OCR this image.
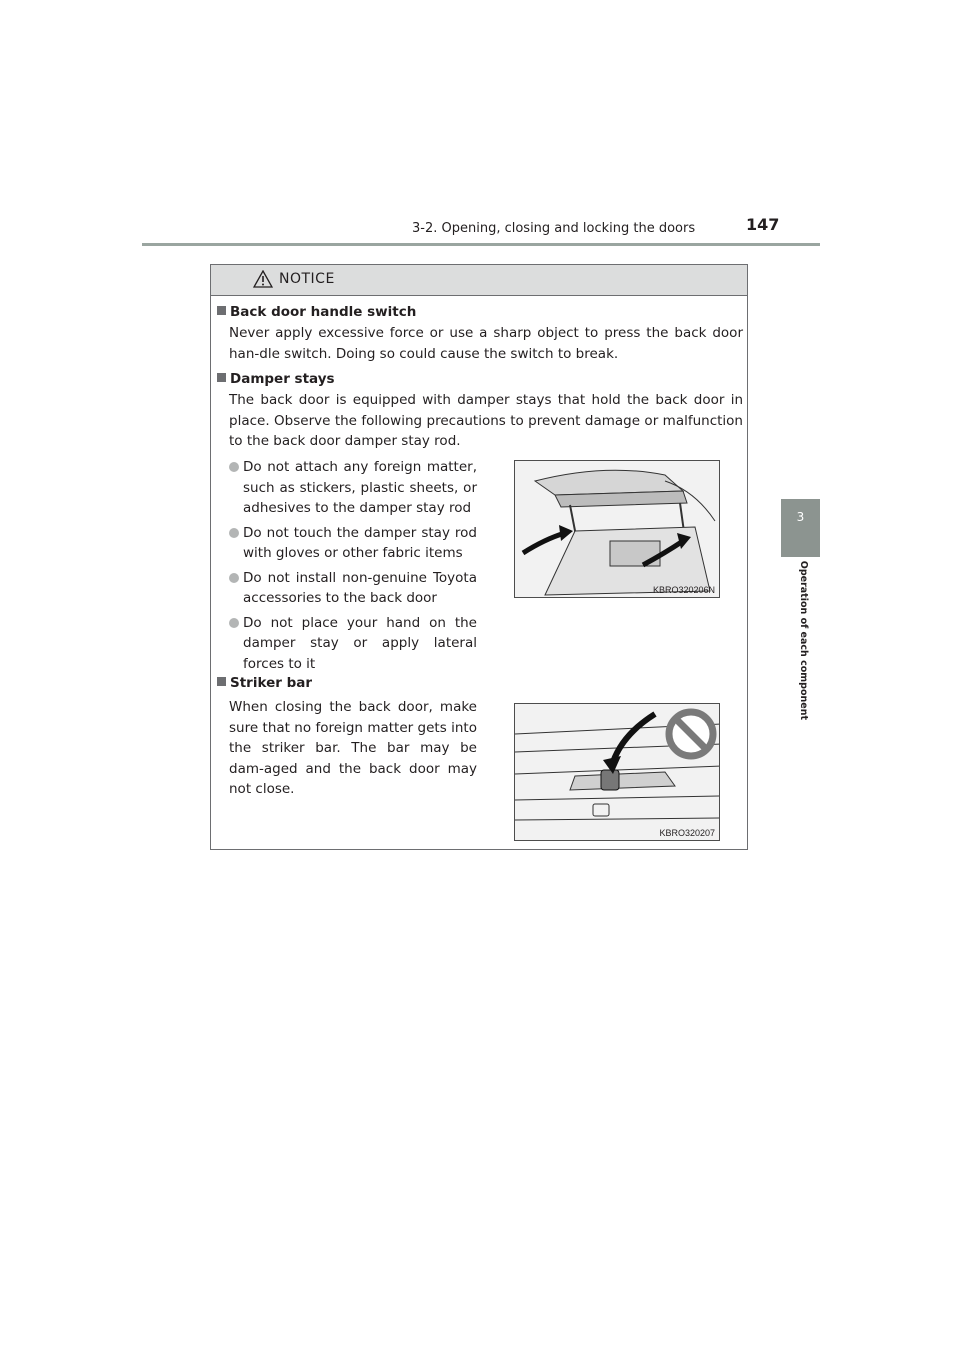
3-2. Opening, closing and locking the doors	147
3
Operation of each component
NOTICE
Back door handle switch
Never apply excessive force or use a sharp object to press the back door han-dle switch. Doing so could cause the switch to break.
Damper stays
The back door is equipped with damper stays that hold the back door in place. Observe the following precautions to prevent damage or malfunction to the back door damper stay rod.
Do not attach any foreign matter, such as stickers, plastic sheets, or adhesives to the damper stay rod
Do not touch the damper stay rod with gloves or other fabric items
Do not install non-genuine Toyota accessories to the back door
Do not place your hand on the damper stay or apply lateral forces to it
KBRO320206N
Striker bar
When closing the back door, make sure that no foreign matter gets into the striker bar. The bar may be dam-aged and the back door may not close.
KBRO320207
